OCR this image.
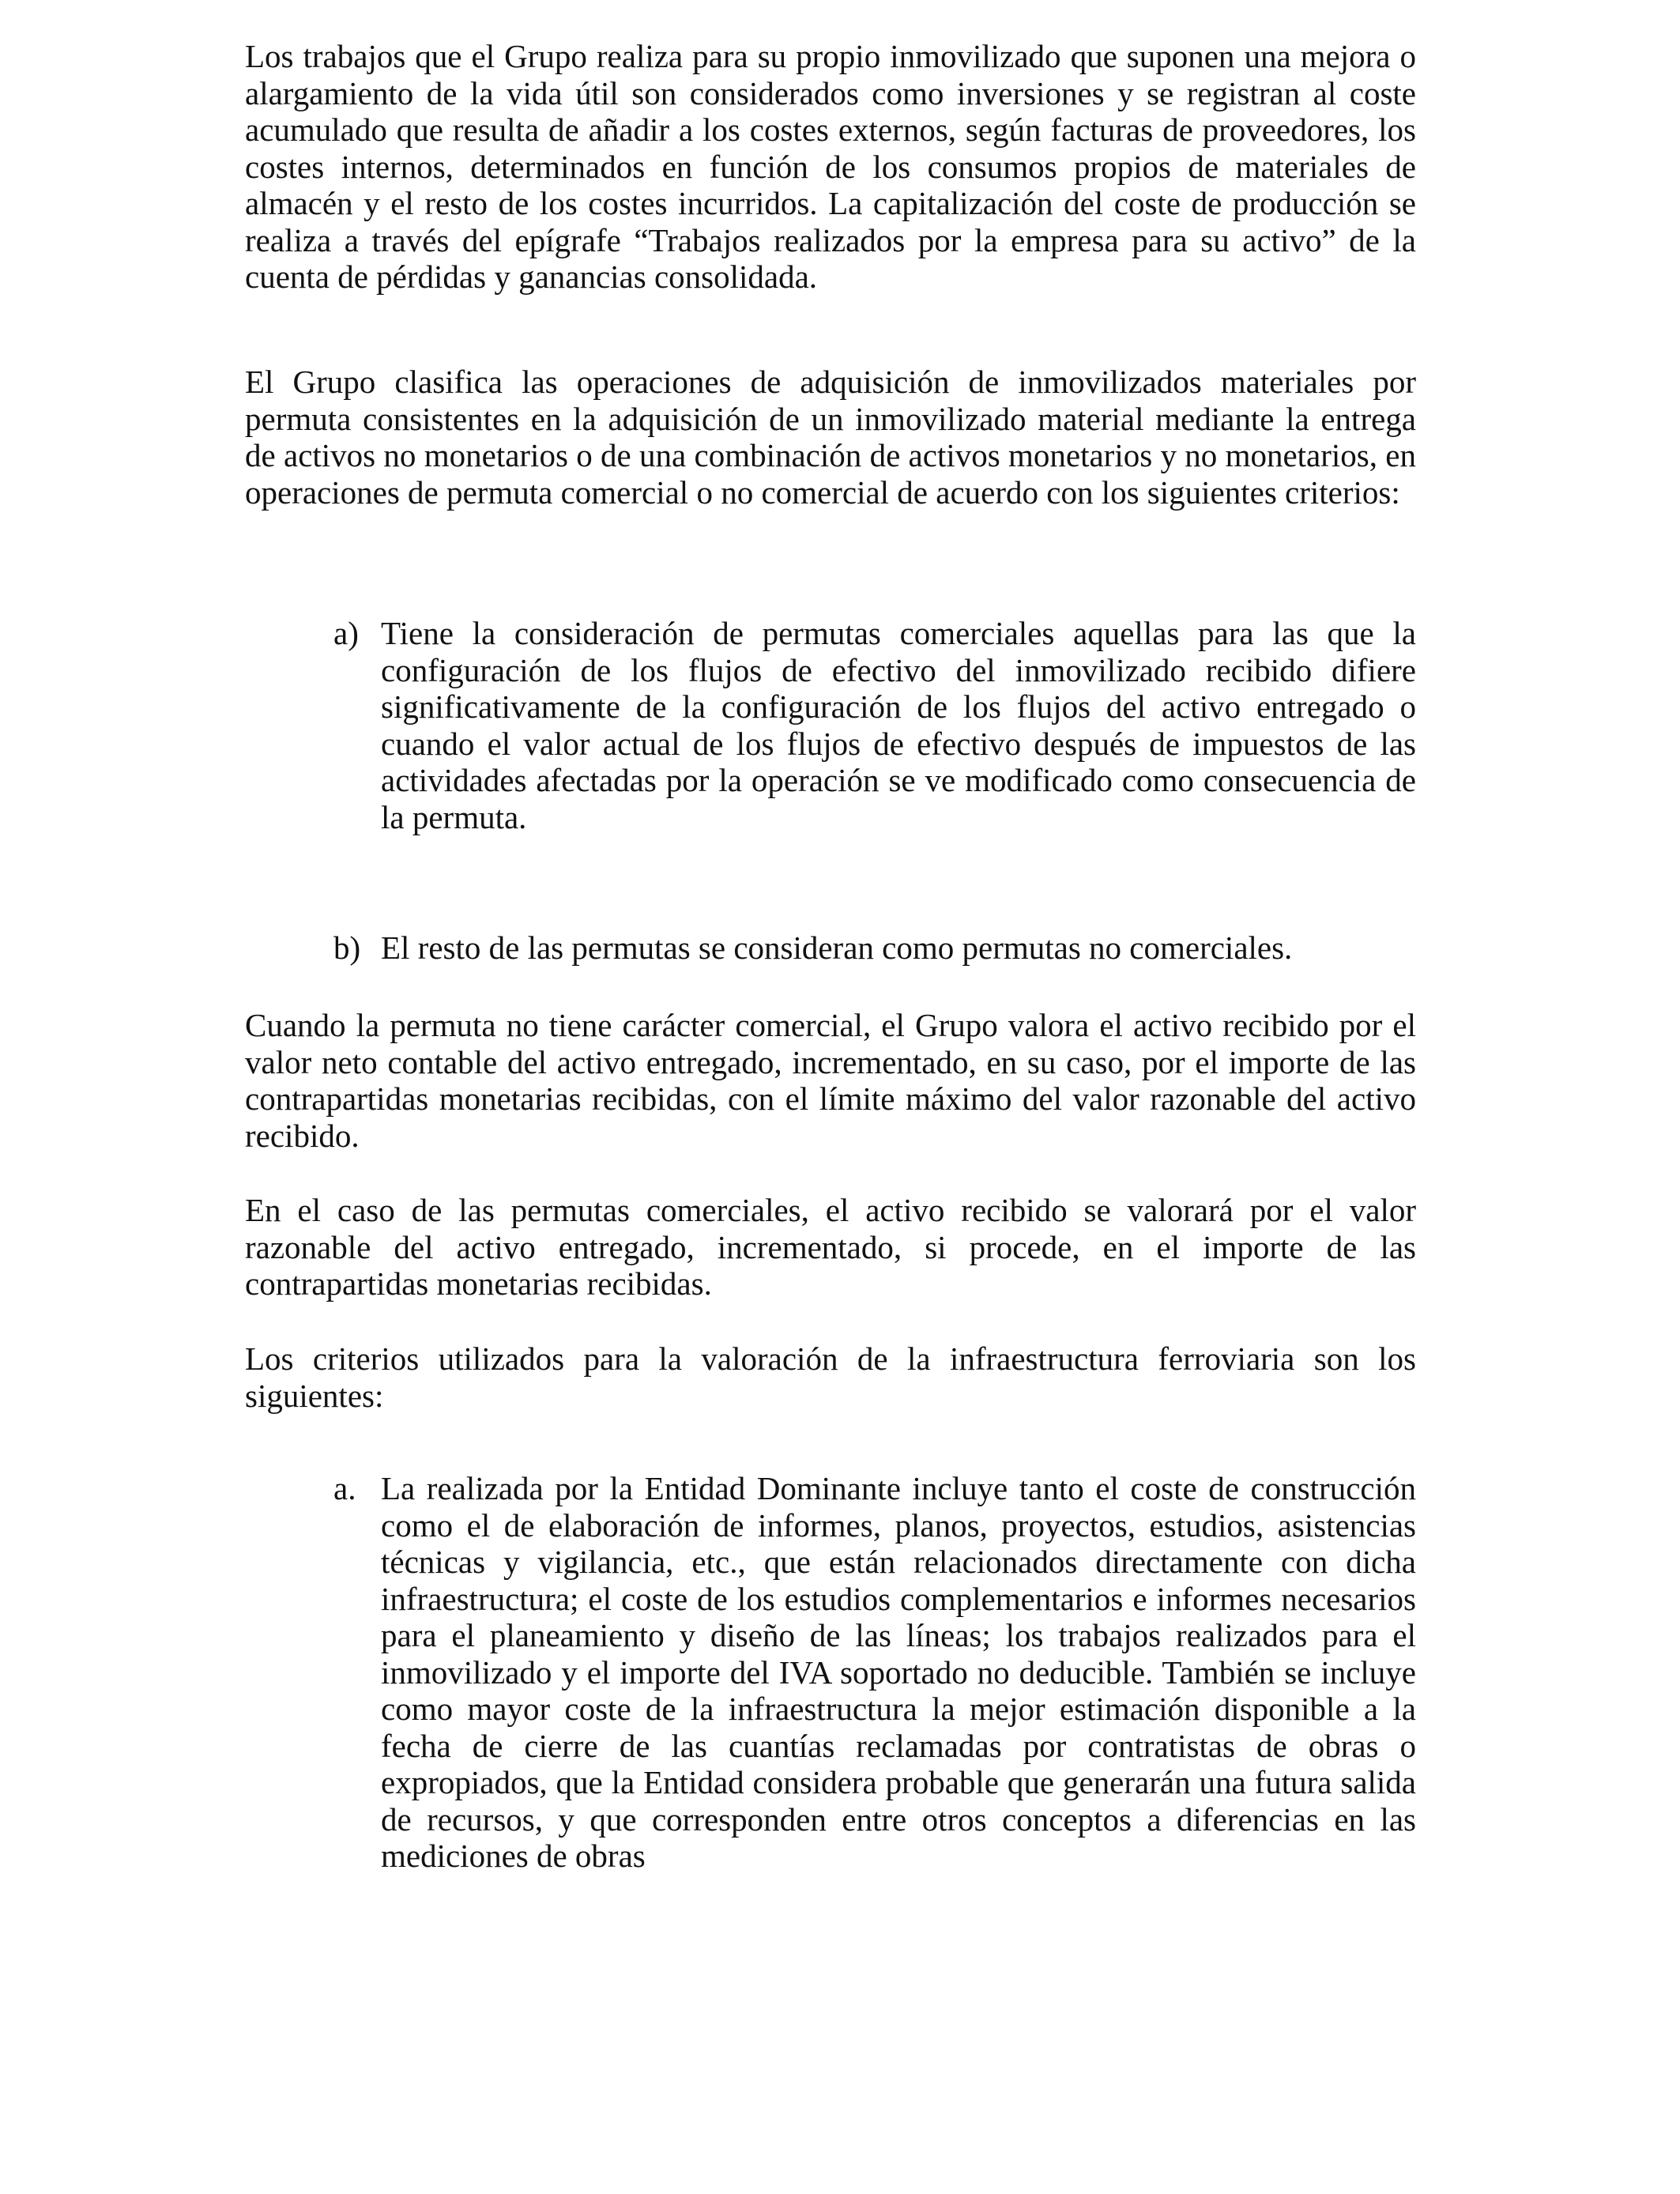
Los trabajos que el Grupo realiza para su propio inmovilizado que suponen una mejora o alargamiento de la vida útil son considerados como inversiones y se registran al coste acumulado que resulta de añadir a los costes externos, según facturas de proveedores, los costes internos, determinados en función de los consumos propios de materiales de almacén y el resto de los costes incurridos. La capitalización del coste de producción se realiza a través del epígrafe “Trabajos realizados por la empresa para su activo” de la cuenta de pérdidas y ganancias consolidada.

El Grupo clasifica las operaciones de adquisición de inmovilizados materiales por permuta consistentes en la adquisición de un inmovilizado material mediante la entrega de activos no monetarios o de una combinación de activos monetarios y no monetarios, en operaciones de permuta comercial o no comercial de acuerdo con los siguientes criterios:

a) Tiene la consideración de permutas comerciales aquellas para las que la configuración de los flujos de efectivo del inmovilizado recibido difiere significativamente de la configuración de los flujos del activo entregado o cuando el valor actual de los flujos de efectivo después de impuestos de las actividades afectadas por la operación se ve modificado como consecuencia de la permuta.
b) El resto de las permutas se consideran como permutas no comerciales.

Cuando la permuta no tiene carácter comercial, el Grupo valora el activo recibido por el valor neto contable del activo entregado, incrementado, en su caso, por el importe de las contrapartidas monetarias recibidas, con el límite máximo del valor razonable del activo recibido.

En el caso de las permutas comerciales, el activo recibido se valorará por el valor razonable del activo entregado, incrementado, si procede, en el importe de las contrapartidas monetarias recibidas.

Los criterios utilizados para la valoración de la infraestructura ferroviaria son los siguientes:

a. La realizada por la Entidad Dominante incluye tanto el coste de construcción como el de elaboración de informes, planos, proyectos, estudios, asistencias técnicas y vigilancia, etc., que están relacionados directamente con dicha infraestructura; el coste de los estudios complementarios e informes necesarios para el planeamiento y diseño de las líneas; los trabajos realizados para el inmovilizado y el importe del IVA soportado no deducible. También se incluye como mayor coste de la infraestructura la mejor estimación disponible a la fecha de cierre de las cuantías reclamadas por contratistas de obras o expropiados, que la Entidad considera probable que generarán una futura salida de recursos, y que corresponden entre otros conceptos a diferencias en las mediciones de obras
